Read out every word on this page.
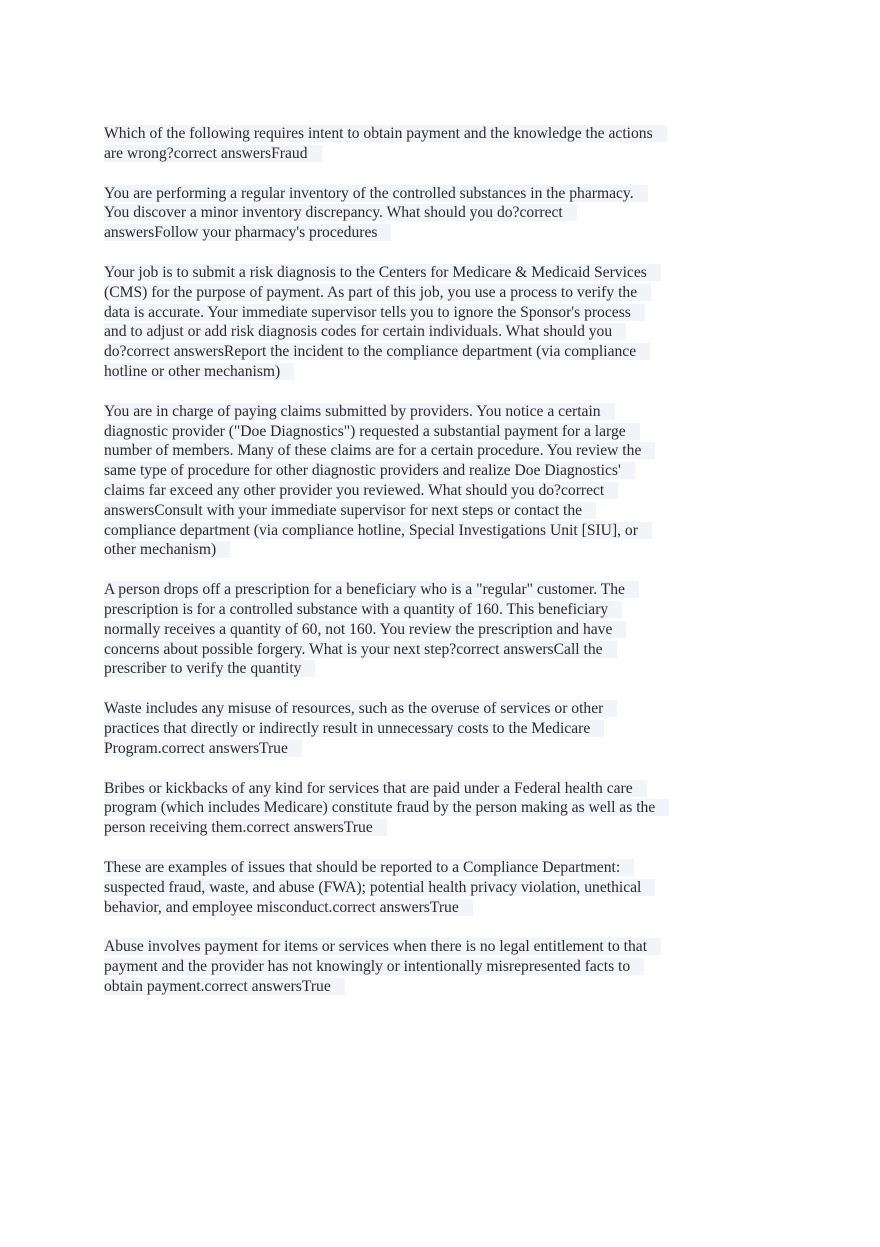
Which of the following requires intent to obtain payment and the knowledge the actions
are wrong?correct answersFraud
You are performing a regular inventory of the controlled substances in the pharmacy.
You discover a minor inventory discrepancy. What should you do?correct
answersFollow your pharmacy's procedures
Your job is to submit a risk diagnosis to the Centers for Medicare & Medicaid Services
(CMS) for the purpose of payment. As part of this job, you use a process to verify the
data is accurate. Your immediate supervisor tells you to ignore the Sponsor's process
and to adjust or add risk diagnosis codes for certain individuals. What should you
do?correct answersReport the incident to the compliance department (via compliance
hotline or other mechanism)
You are in charge of paying claims submitted by providers. You notice a certain
diagnostic provider ("Doe Diagnostics") requested a substantial payment for a large
number of members. Many of these claims are for a certain procedure. You review the
same type of procedure for other diagnostic providers and realize Doe Diagnostics'
claims far exceed any other provider you reviewed. What should you do?correct
answersConsult with your immediate supervisor for next steps or contact the
compliance department (via compliance hotline, Special Investigations Unit [SIU], or
other mechanism)
A person drops off a prescription for a beneficiary who is a "regular" customer. The
prescription is for a controlled substance with a quantity of 160. This beneficiary
normally receives a quantity of 60, not 160. You review the prescription and have
concerns about possible forgery. What is your next step?correct answersCall the
prescriber to verify the quantity
Waste includes any misuse of resources, such as the overuse of services or other
practices that directly or indirectly result in unnecessary costs to the Medicare
Program.correct answersTrue
Bribes or kickbacks of any kind for services that are paid under a Federal health care
program (which includes Medicare) constitute fraud by the person making as well as the
person receiving them.correct answersTrue
These are examples of issues that should be reported to a Compliance Department:
suspected fraud, waste, and abuse (FWA); potential health privacy violation, unethical
behavior, and employee misconduct.correct answersTrue
Abuse involves payment for items or services when there is no legal entitlement to that
payment and the provider has not knowingly or intentionally misrepresented facts to
obtain payment.correct answersTrue
